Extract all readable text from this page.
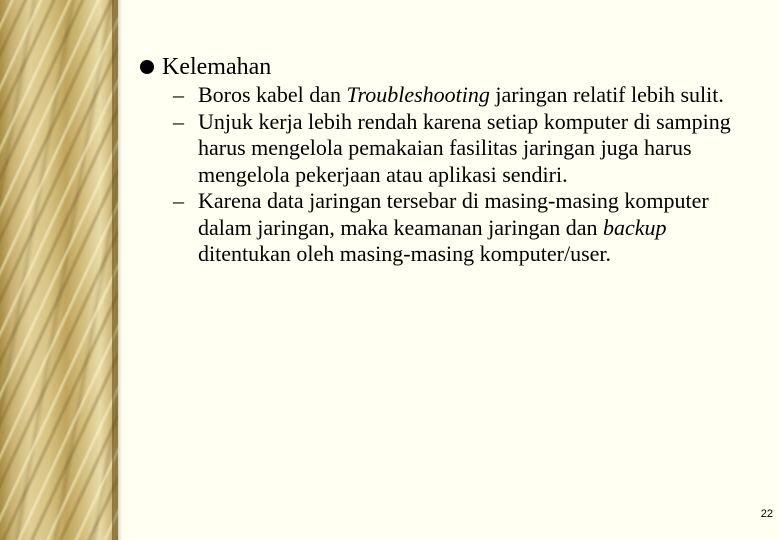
Kelemahan
– Boros kabel dan Troubleshooting jaringan relatif lebih sulit.
– Unjuk kerja lebih rendah karena setiap komputer di samping harus mengelola pemakaian fasilitas jaringan juga harus mengelola pekerjaan atau aplikasi sendiri.
– Karena data jaringan tersebar di masing-masing komputer dalam jaringan, maka keamanan jaringan dan backup ditentukan oleh masing-masing komputer/user.
22
